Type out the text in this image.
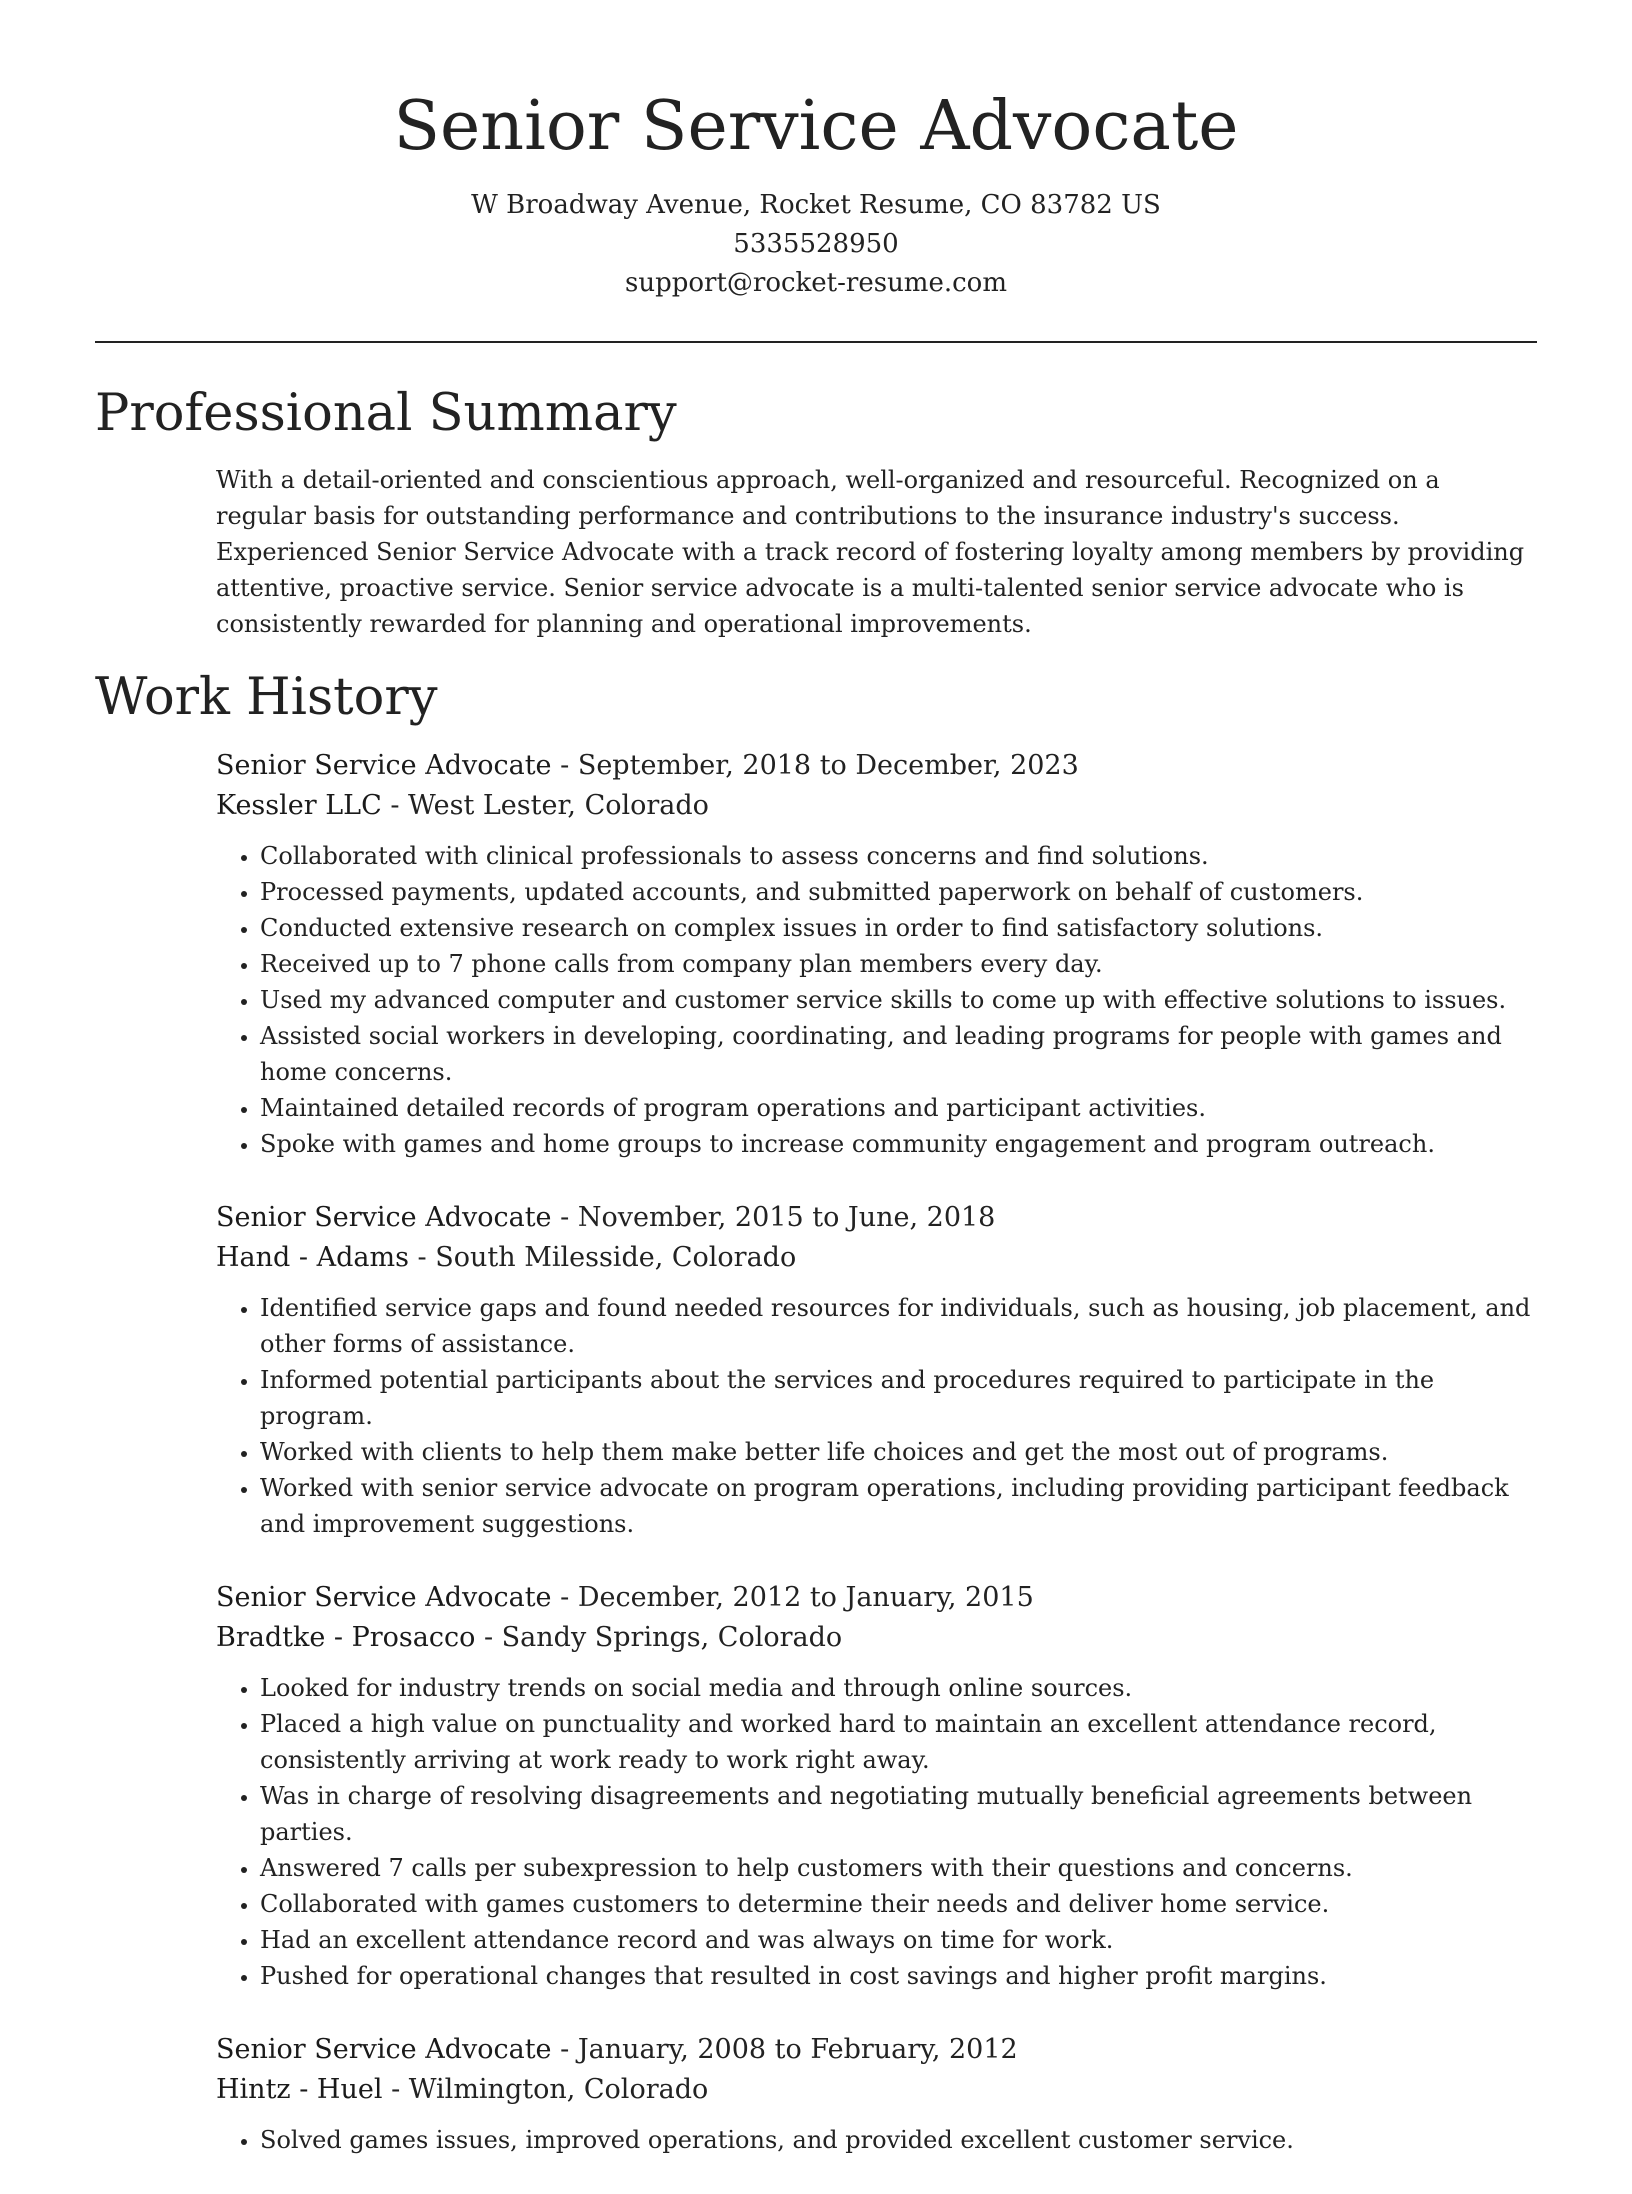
Senior Service Advocate

W Broadway Avenue, Rocket Resume, CO 83782 US

5335528950

support@rocket-resume.com

Professional Summary

With a detail-oriented and conscientious approach, well-organized and resourceful. Recognized on a regular basis for outstanding performance and contributions to the insurance industry's success. Experienced Senior Service Advocate with a track record of fostering loyalty among members by providing attentive, proactive service. Senior service advocate is a multi-talented senior service advocate who is consistently rewarded for planning and operational improvements.

Work History

Senior Service Advocate - September, 2018 to December, 2023

Kessler LLC - West Lester, Colorado

• Collaborated with clinical professionals to assess concerns and find solutions.
• Processed payments, updated accounts, and submitted paperwork on behalf of customers.
• Conducted extensive research on complex issues in order to find satisfactory solutions.
• Received up to 7 phone calls from company plan members every day.
• Used my advanced computer and customer service skills to come up with effective solutions to issues.
• Assisted social workers in developing, coordinating, and leading programs for people with games and home concerns.
• Maintained detailed records of program operations and participant activities.
• Spoke with games and home groups to increase community engagement and program outreach.

Senior Service Advocate - November, 2015 to June, 2018

Hand - Adams - South Milesside, Colorado

• Identified service gaps and found needed resources for individuals, such as housing, job placement, and other forms of assistance.
• Informed potential participants about the services and procedures required to participate in the program.
• Worked with clients to help them make better life choices and get the most out of programs.
• Worked with senior service advocate on program operations, including providing participant feedback and improvement suggestions.

Senior Service Advocate - December, 2012 to January, 2015

Bradtke - Prosacco - Sandy Springs, Colorado

• Looked for industry trends on social media and through online sources.
• Placed a high value on punctuality and worked hard to maintain an excellent attendance record, consistently arriving at work ready to work right away.
• Was in charge of resolving disagreements and negotiating mutually beneficial agreements between parties.
• Answered 7 calls per subexpression to help customers with their questions and concerns.
• Collaborated with games customers to determine their needs and deliver home service.
• Had an excellent attendance record and was always on time for work.
• Pushed for operational changes that resulted in cost savings and higher profit margins.

Senior Service Advocate - January, 2008 to February, 2012

Hintz - Huel - Wilmington, Colorado

• Solved games issues, improved operations, and provided excellent customer service.
